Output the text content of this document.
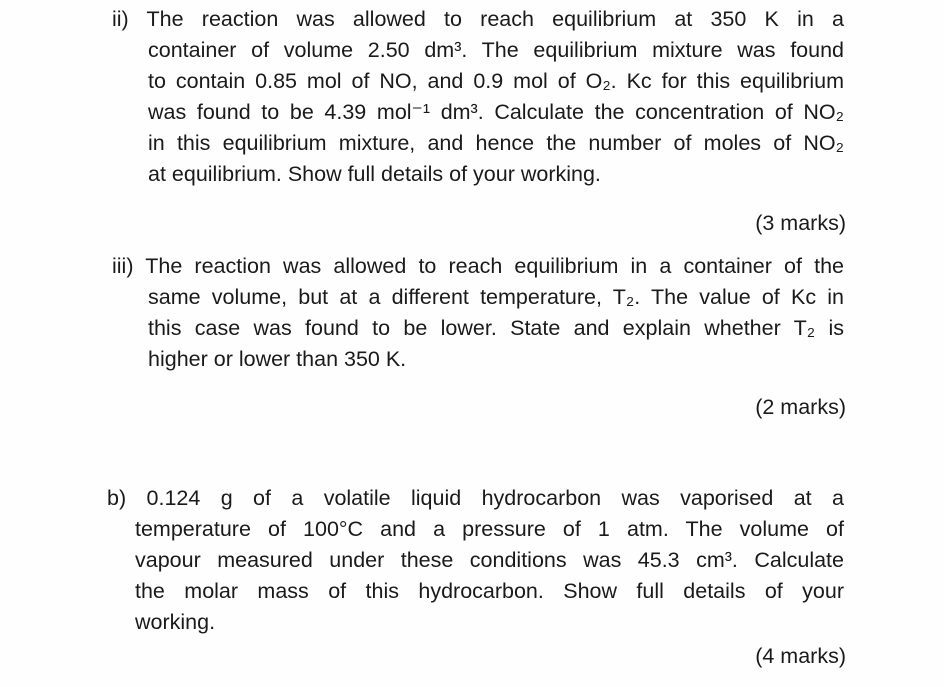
ii) The reaction was allowed to reach equilibrium at 350 K in a
container of volume 2.50 dm³. The equilibrium mixture was found
to contain 0.85 mol of NO, and 0.9 mol of O₂. Kc for this equilibrium
was found to be 4.39 mol⁻¹ dm³. Calculate the concentration of NO₂
in this equilibrium mixture, and hence the number of moles of NO₂
at equilibrium. Show full details of your working.
(3 marks)
iii) The reaction was allowed to reach equilibrium in a container of the
same volume, but at a different temperature, T₂. The value of Kc in
this case was found to be lower. State and explain whether T₂ is
higher or lower than 350 K.
(2 marks)
b) 0.124 g of a volatile liquid hydrocarbon was vaporised at a
temperature of 100°C and a pressure of 1 atm. The volume of
vapour measured under these conditions was 45.3 cm³. Calculate
the molar mass of this hydrocarbon. Show full details of your
working.
(4 marks)
